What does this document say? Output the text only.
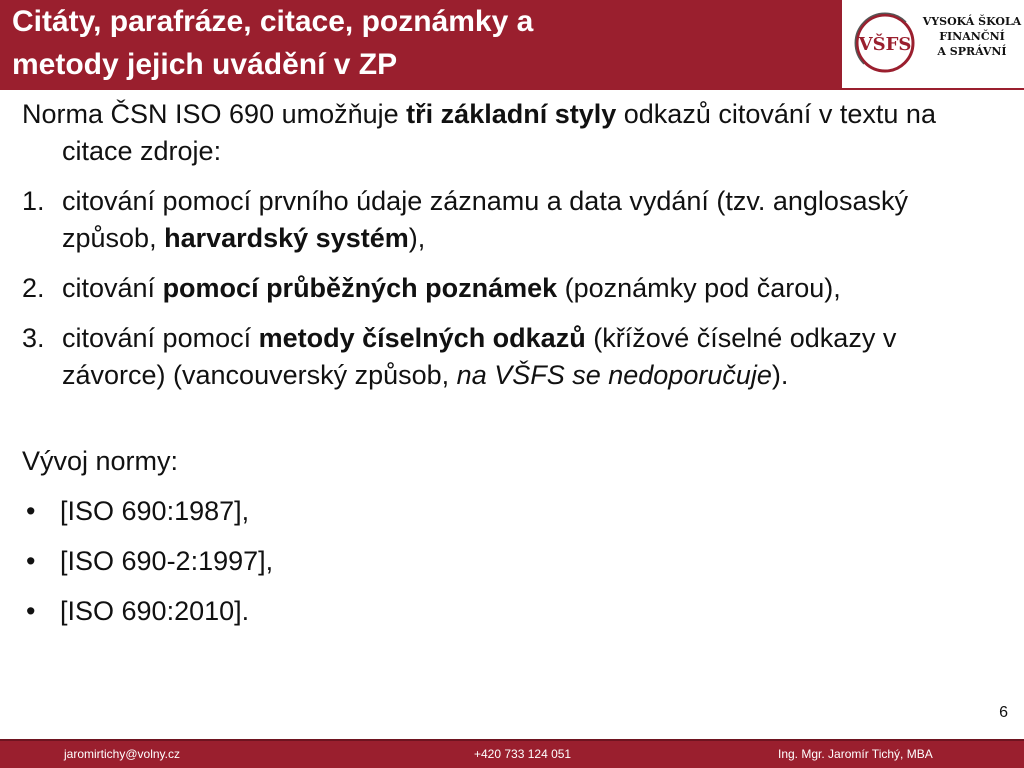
Citáty, parafráze, citace, poznámky a
metody jejich uvádění v ZP
VŠFS
VYSOKÁ ŠKOLA
FINANČNÍ
A SPRÁVNÍ
Norma ČSN ISO 690 umožňuje tři základní styly odkazů citování v textu na citace zdroje:
1. citování pomocí prvního údaje záznamu a data vydání (tzv. anglosaský způsob, harvardský systém),
2. citování pomocí průběžných poznámek (poznámky pod čarou),
3. citování pomocí metody číselných odkazů (křížové číselné odkazy v závorce) (vancouverský způsob, na VŠFS se nedoporučuje).
Vývoj normy:
• [ISO 690:1987],
• [ISO 690-2:1997],
• [ISO 690:2010].
6
jaromirtichy@volny.cz	+420 733 124 051	Ing. Mgr. Jaromír Tichý, MBA
